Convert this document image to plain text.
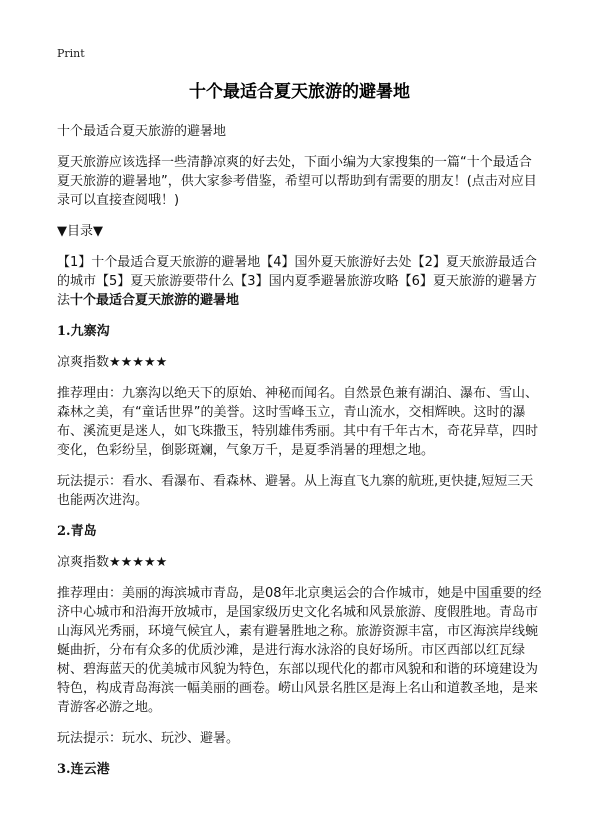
Print
十个最适合夏天旅游的避暑地

十个最适合夏天旅游的避暑地

夏天旅游应该选择一些清静凉爽的好去处，下面小编为大家搜集的一篇“十个最适合夏天旅游的避暑地”，供大家参考借鉴，希望可以帮助到有需要的朋友！(点击对应目录可以直接查阅哦！)

▼目录▼

【1】十个最适合夏天旅游的避暑地【4】国外夏天旅游好去处【2】夏天旅游最适合的城市【5】夏天旅游要带什么【3】国内夏季避暑旅游攻略【6】夏天旅游的避暑方法十个最适合夏天旅游的避暑地

1.九寨沟

凉爽指数★★★★★

推荐理由：九寨沟以绝天下的原始、神秘而闻名。自然景色兼有湖泊、瀑布、雪山、森林之美，有“童话世界”的美誉。这时雪峰玉立，青山流水，交相辉映。这时的瀑布、溪流更是迷人，如飞珠撒玉，特别雄伟秀丽。其中有千年古木，奇花异草，四时变化，色彩纷呈，倒影斑斓，气象万千，是夏季消暑的理想之地。

玩法提示：看水、看瀑布、看森林、避暑。从上海直飞九寨的航班,更快捷,短短三天也能两次进沟。

2.青岛

凉爽指数★★★★★

推荐理由：美丽的海滨城市青岛，是08年北京奥运会的合作城市，她是中国重要的经济中心城市和沿海开放城市，是国家级历史文化名城和风景旅游、度假胜地。青岛市山海风光秀丽，环境气候宜人，素有避暑胜地之称。旅游资源丰富，市区海滨岸线蜿蜒曲折，分布有众多的优质沙滩，是进行海水泳浴的良好场所。市区西部以红瓦绿树、碧海蓝天的优美城市风貌为特色，东部以现代化的都市风貌和和谐的环境建设为特色，构成青岛海滨一幅美丽的画卷。崂山风景名胜区是海上名山和道教圣地，是来青游客必游之地。

玩法提示：玩水、玩沙、避暑。

3.连云港
